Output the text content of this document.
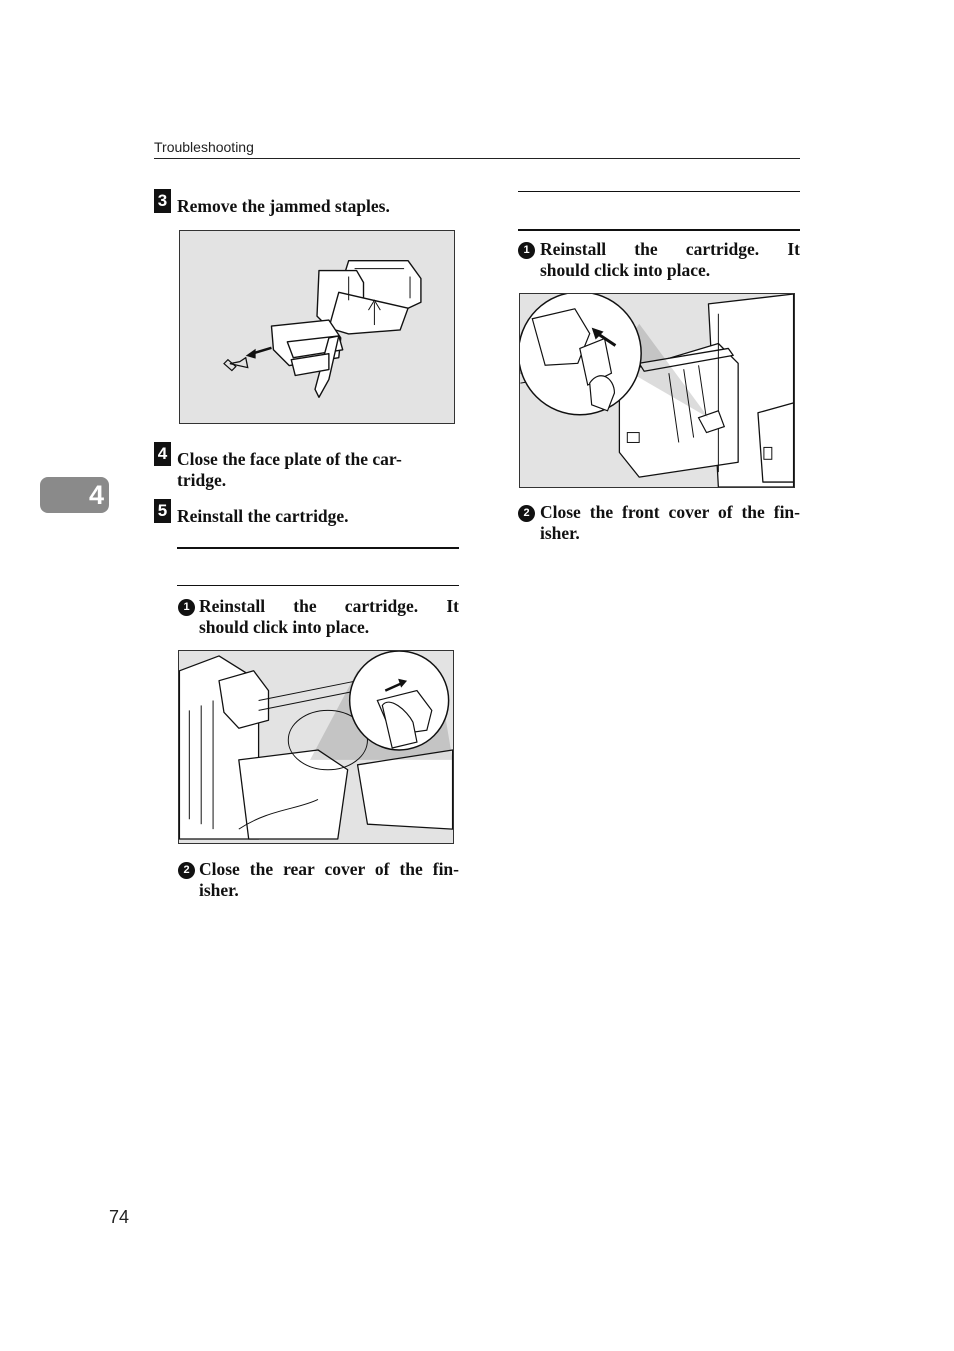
Troubleshooting
4
3 Remove the jammed staples.
4 Close the face plate of the car-
tridge.
5 Reinstall the cartridge.
1 Reinstall the cartridge. It
should click into place.
2 Close the rear cover of the fin-
isher.
1 Reinstall the cartridge. It
should click into place.
2 Close the front cover of the fin-
isher.
74
